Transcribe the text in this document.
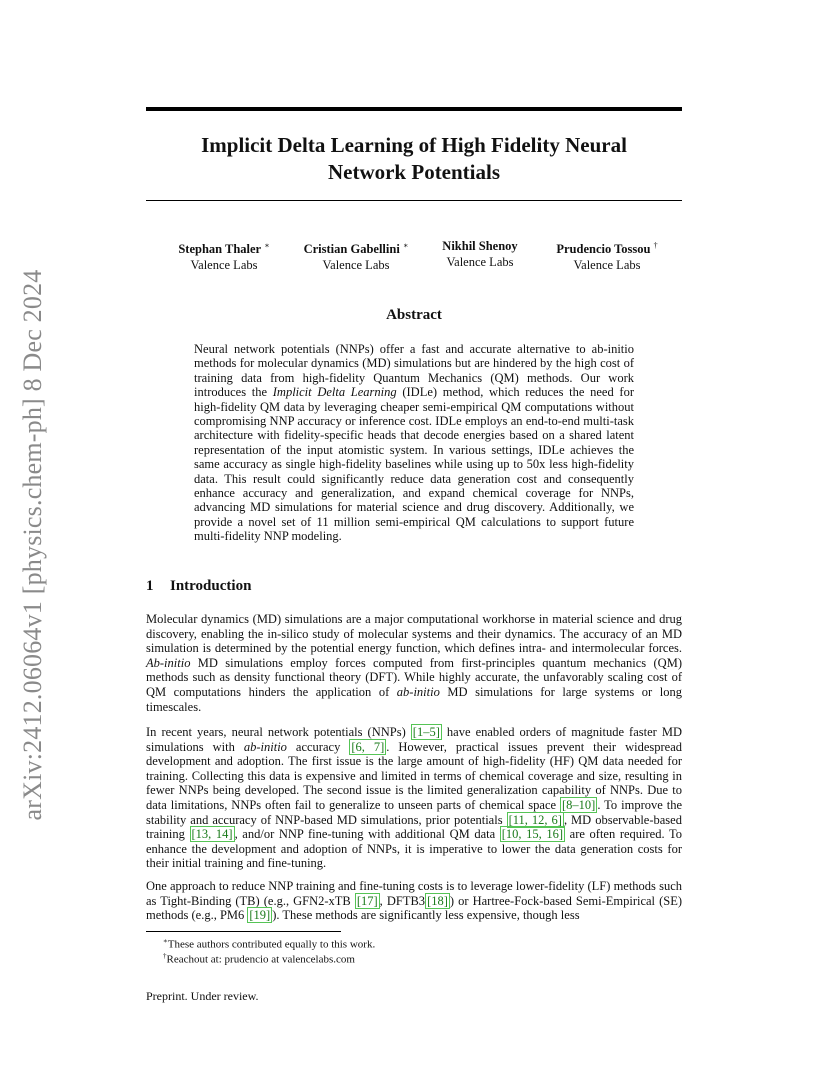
arXiv:2412.06064v1 [physics.chem-ph] 8 Dec 2024
Implicit Delta Learning of High Fidelity Neural
Network Potentials
Stephan Thaler ∗
Valence Labs
Cristian Gabellini ∗
Valence Labs
Nikhil Shenoy
Valence Labs
Prudencio Tossou †
Valence Labs
Abstract

Neural network potentials (NNPs) offer a fast and accurate alternative to ab-initio methods for molecular dynamics (MD) simulations but are hindered by the high cost of training data from high-fidelity Quantum Mechanics (QM) methods. Our work introduces the Implicit Delta Learning (IDLe) method, which reduces the need for high-fidelity QM data by leveraging cheaper semi-empirical QM computations without compromising NNP accuracy or inference cost. IDLe employs an end-to-end multi-task architecture with fidelity-specific heads that decode energies based on a shared latent representation of the input atomistic system. In various settings, IDLe achieves the same accuracy as single high-fidelity baselines while using up to 50x less high-fidelity data. This result could significantly reduce data generation cost and consequently enhance accuracy and generalization, and expand chemical coverage for NNPs, advancing MD simulations for material science and drug discovery. Additionally, we provide a novel set of 11 million semi-empirical QM calculations to support future multi-fidelity NNP modeling.

1 Introduction

Molecular dynamics (MD) simulations are a major computational workhorse in material science and drug discovery, enabling the in-silico study of molecular systems and their dynamics. The accuracy of an MD simulation is determined by the potential energy function, which defines intra- and intermolecular forces. Ab-initio MD simulations employ forces computed from first-principles quantum mechanics (QM) methods such as density functional theory (DFT). While highly accurate, the unfavorably scaling cost of QM computations hinders the application of ab-initio MD simulations for large systems or long timescales.

In recent years, neural network potentials (NNPs) [1–5] have enabled orders of magnitude faster MD simulations with ab-initio accuracy [6, 7] . However, practical issues prevent their widespread development and adoption. The first issue is the large amount of high-fidelity (HF) QM data needed for training. Collecting this data is expensive and limited in terms of chemical coverage and size, resulting in fewer NNPs being developed. The second issue is the limited generalization capability of NNPs. Due to data limitations, NNPs often fail to generalize to unseen parts of chemical space [8–10] . To improve the stability and accuracy of NNP-based MD simulations, prior potentials [11, 12, 6] , MD observable-based training [13, 14] , and/or NNP fine-tuning with additional QM data [10, 15, 16] are often required. To enhance the development and adoption of NNPs, it is imperative to lower the data generation costs for their initial training and fine-tuning.

One approach to reduce NNP training and fine-tuning costs is to leverage lower-fidelity (LF) methods such as Tight-Binding (TB) (e.g., GFN2-xTB [17] , DFTB3 [18] ) or Hartree-Fock-based Semi-Empirical (SE) methods (e.g., PM6 [19] ). These methods are significantly less expensive, though less

∗These authors contributed equally to this work.

†Reachout at: prudencio at valencelabs.com

Preprint. Under review.
